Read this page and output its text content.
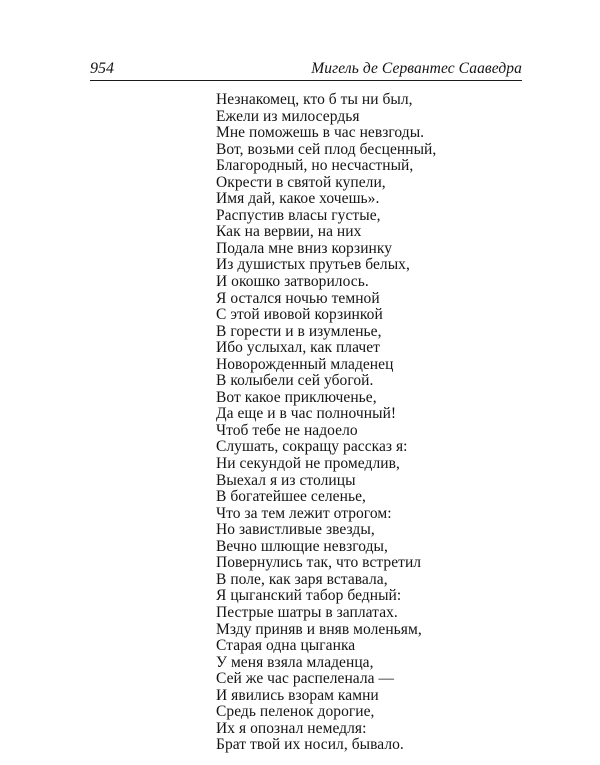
954	Мигель де Сервантес Сааведра
Незнакомец, кто б ты ни был,
Ежели из милосердья
Мне поможешь в час невзгоды.
Вот, возьми сей плод бесценный,
Благородный, но несчастный,
Окрести в святой купели,
Имя дай, какое хочешь».
Распустив власы густые,
Как на вервии, на них
Подала мне вниз корзинку
Из душистых прутьев белых,
И окошко затворилось.
Я остался ночью темной
С этой ивовой корзинкой
В горести и в изумленье,
Ибо услыхал, как плачет
Новорожденный младенец
В колыбели сей убогой.
Вот какое приключенье,
Да еще и в час полночный!
Чтоб тебе не надоело
Слушать, сокращу рассказ я:
Ни секундой не промедлив,
Выехал я из столицы
В богатейшее селенье,
Что за тем лежит отрогом:
Но завистливые звезды,
Вечно шлющие невзгоды,
Повернулись так, что встретил
В поле, как заря вставала,
Я цыганский табор бедный:
Пестрые шатры в заплатах.
Мзду приняв и вняв моленьям,
Старая одна цыганка
У меня взяла младенца,
Сей же час распеленала —
И явились взорам камни
Средь пеленок дорогие,
Их я опознал немедля:
Брат твой их носил, бывало.
